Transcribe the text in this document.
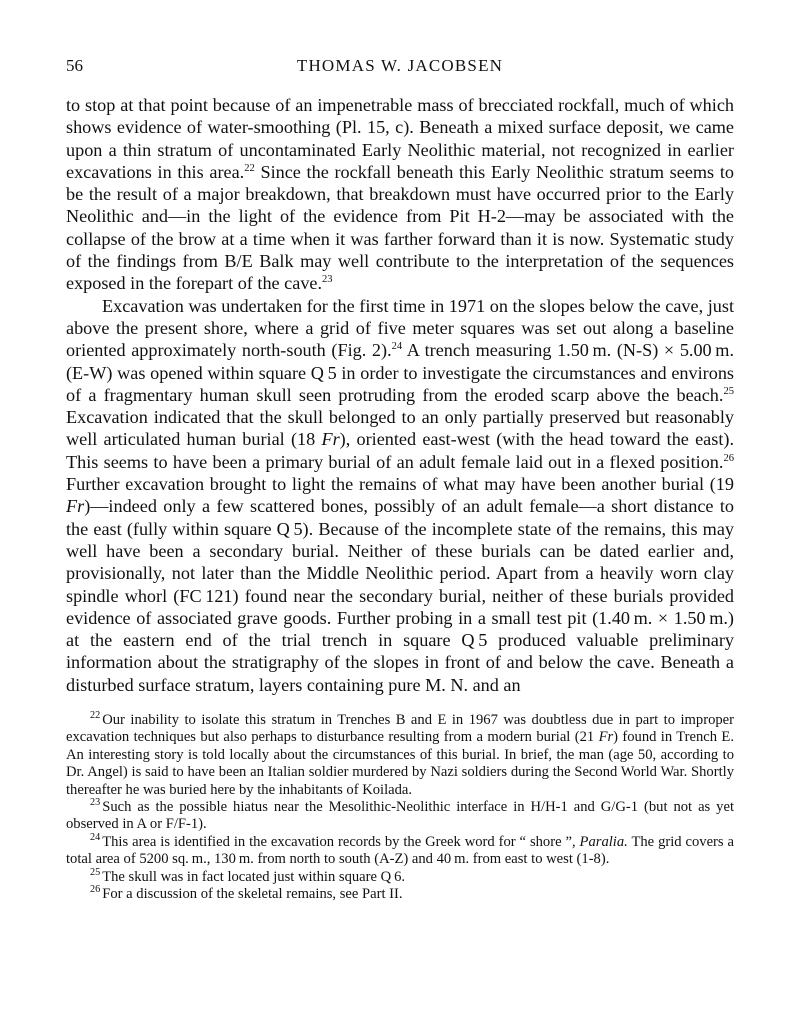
56	THOMAS W. JACOBSEN

to stop at that point because of an impenetrable mass of brecciated rockfall, much of which shows evidence of water-smoothing (Pl. 15, c). Beneath a mixed surface deposit, we came upon a thin stratum of uncontaminated Early Neolithic material, not recognized in earlier excavations in this area.$^{22}$ Since the rockfall beneath this Early Neolithic stratum seems to be the result of a major breakdown, that breakdown must have occurred prior to the Early Neolithic and—in the light of the evidence from Pit H-2—may be associated with the collapse of the brow at a time when it was farther forward than it is now. Systematic study of the findings from B/E Balk may well contribute to the interpretation of the sequences exposed in the forepart of the cave.$^{23}$

Excavation was undertaken for the first time in 1971 on the slopes below the cave, just above the present shore, where a grid of five meter squares was set out along a baseline oriented approximately north-south (Fig. 2).$^{24}$ A trench measuring 1.50 m. (N-S) × 5.00 m. (E-W) was opened within square Q 5 in order to investigate the circumstances and environs of a fragmentary human skull seen protruding from the eroded scarp above the beach.$^{25}$ Excavation indicated that the skull belonged to an only partially preserved but reasonably well articulated human burial (18 Fr), oriented east-west (with the head toward the east). This seems to have been a primary burial of an adult female laid out in a flexed position.$^{26}$ Further excavation brought to light the remains of what may have been another burial (19 Fr)—indeed only a few scattered bones, possibly of an adult female—a short distance to the east (fully within square Q 5). Because of the incomplete state of the remains, this may well have been a secondary burial. Neither of these burials can be dated earlier and, provisionally, not later than the Middle Neolithic period. Apart from a heavily worn clay spindle whorl (FC 121) found near the secondary burial, neither of these burials provided evidence of associated grave goods. Further probing in a small test pit (1.40 m. × 1.50 m.) at the eastern end of the trial trench in square Q 5 produced valuable preliminary information about the stratigraphy of the slopes in front of and below the cave. Beneath a disturbed surface stratum, layers containing pure M. N. and an

$^{22}$ Our inability to isolate this stratum in Trenches B and E in 1967 was doubtless due in part to improper excavation techniques but also perhaps to disturbance resulting from a modern burial (21 Fr) found in Trench E. An interesting story is told locally about the circumstances of this burial. In brief, the man (age 50, according to Dr. Angel) is said to have been an Italian soldier murdered by Nazi soldiers during the Second World War. Shortly thereafter he was buried here by the inhabitants of Koilada.

$^{23}$ Such as the possible hiatus near the Mesolithic-Neolithic interface in H/H-1 and G/G-1 (but not as yet observed in A or F/F-1).

$^{24}$ This area is identified in the excavation records by the Greek word for “ shore ”, Paralia. The grid covers a total area of 5200 sq. m., 130 m. from north to south (A-Z) and 40 m. from east to west (1-8).

$^{25}$ The skull was in fact located just within square Q 6.

$^{26}$ For a discussion of the skeletal remains, see Part II.
